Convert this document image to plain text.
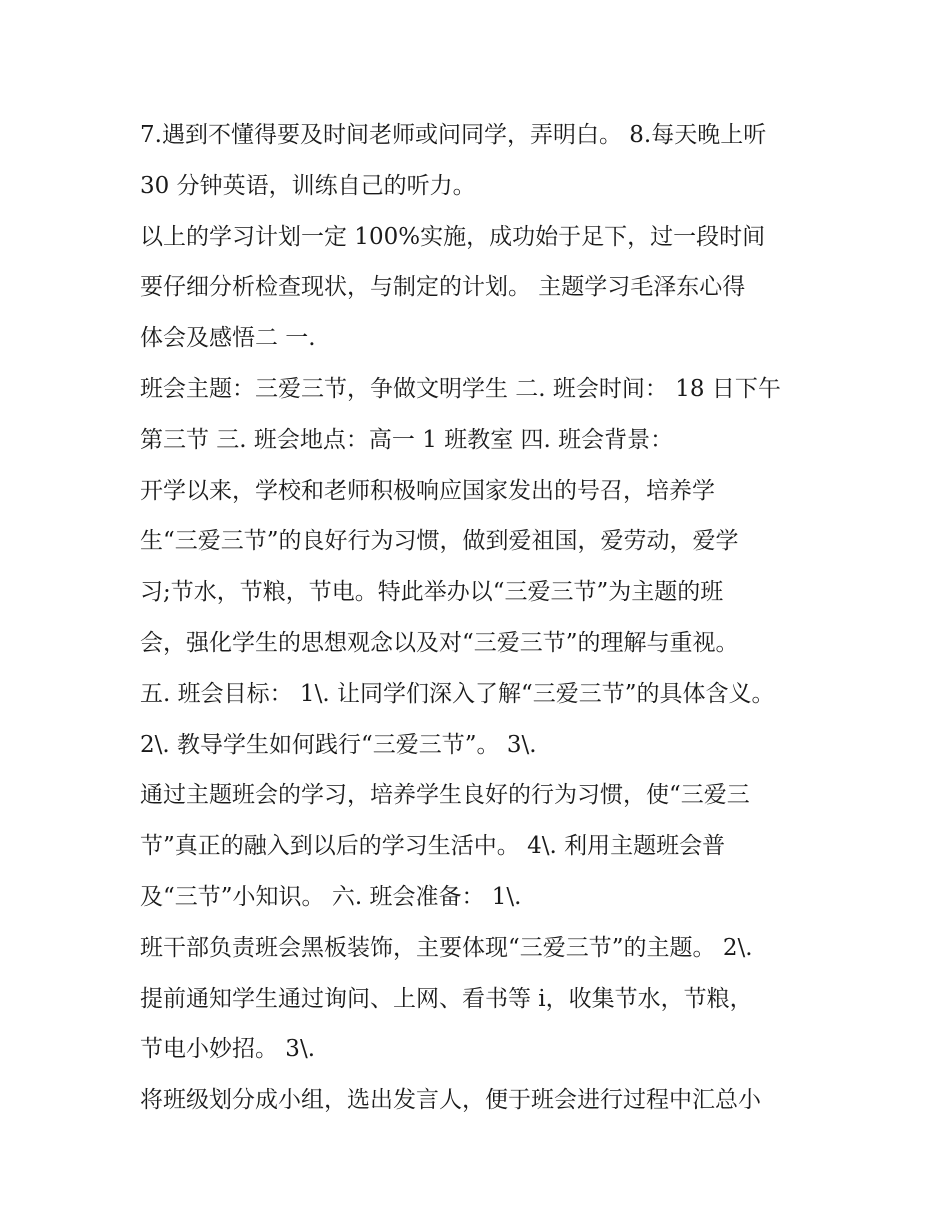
7.遇到不懂得要及时间老师或问同学，弄明白。 8.每天晚上听
30 分钟英语，训练自己的听力。
以上的学习计划一定 100%实施，成功始于足下，过一段时间
要仔细分析检查现状，与制定的计划。 主题学习毛泽东心得
体会及感悟二 一.
班会主题：三爱三节，争做文明学生 二. 班会时间： 18 日下午
第三节 三. 班会地点：高一 1 班教室 四. 班会背景：
开学以来，学校和老师积极响应国家发出的号召，培养学
生“三爱三节”的良好行为习惯，做到爱祖国，爱劳动，爱学
习;节水，节粮，节电。特此举办以“三爱三节”为主题的班
会，强化学生的思想观念以及对“三爱三节”的理解与重视。
五. 班会目标： 1\. 让同学们深入了解“三爱三节”的具体含义。
2\. 教导学生如何践行“三爱三节”。 3\.
通过主题班会的学习，培养学生良好的行为习惯，使“三爱三
节”真正的融入到以后的学习生活中。 4\. 利用主题班会普
及“三节”小知识。 六. 班会准备： 1\.
班干部负责班会黑板装饰，主要体现“三爱三节”的主题。 2\.
提前通知学生通过询问、上网、看书等 i，收集节水，节粮，
节电小妙招。 3\.
将班级划分成小组，选出发言人，便于班会进行过程中汇总小
